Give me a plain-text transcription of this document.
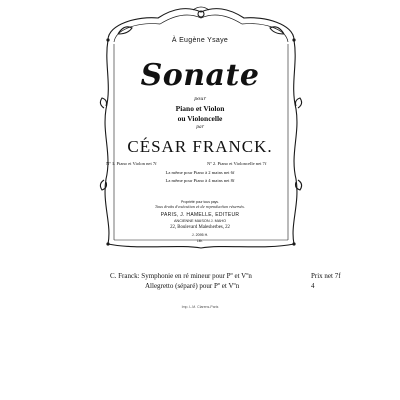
À Eugène Ysaye
Sonate
pour
Piano et Violon
ou Violoncelle
par
CÉSAR FRANCK.
Nº 1. Piano et Violon net 7f	Nº 2. Piano et Violoncelle net 7f
La même pour Piano à 2 mains net 6f
La même pour Piano à 4 mains net 8f
Propriété pour tous pays.
Tous droits d'exécution et de reproduction réservés.
PARIS, J. HAMELLE, EDITEUR
ANCIENNE MAISON J. MAHO
22, Boulevard Malesherbes, 22
J. 2095 H.
Lith.
C. Franck: Symphonie en ré mineur pour Pº et Vºn	Prix net 7f
Allegretto (séparé) pour Pº et Vºn	4
Imp. L.M. Clarens-Paris
